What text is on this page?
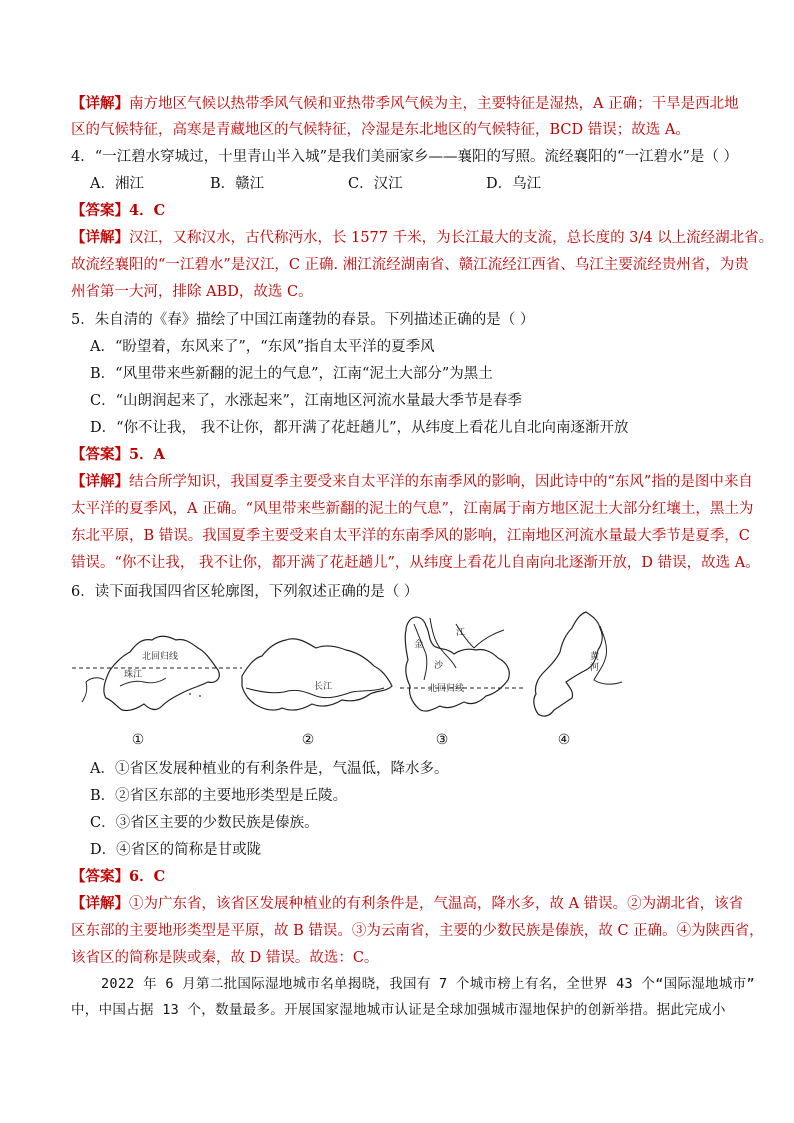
【详解】南方地区气候以热带季风气候和亚热带季风气候为主，主要特征是湿热，A 正确；干旱是西北地
区的气候特征，高寒是青藏地区的气候特征，冷湿是东北地区的气候特征，BCD 错误；故选 A。
4．“一江碧水穿城过，十里青山半入城”是我们美丽家乡——襄阳的写照。流经襄阳的“一江碧水”是（ ）
A．湘江	B．赣江	C．汉江	D．乌江
【答案】4．C
【详解】汉江，又称汉水，古代称沔水，长 1577 千米，为长江最大的支流，总长度的 3/4 以上流经湖北省。
故流经襄阳的“一江碧水”是汉江，C 正确. 湘江流经湖南省、赣江流经江西省、乌江主要流经贵州省，为贵
州省第一大河，排除 ABD，故选 C。
5．朱自清的《春》描绘了中国江南蓬勃的春景。下列描述正确的是（ ）
A．“盼望着，东风来了”，“东风”指自太平洋的夏季风
B．“风里带来些新翻的泥土的气息”，江南“泥土大部分”为黑土
C．“山朗润起来了，水涨起来”，江南地区河流水量最大季节是春季
D．“你不让我， 我不让你，都开满了花赶趟儿”，从纬度上看花儿自北向南逐渐开放
【答案】5．A
【详解】结合所学知识，我国夏季主要受来自太平洋的东南季风的影响，因此诗中的“东风”指的是图中来自
太平洋的夏季风，A 正确。“风里带来些新翻的泥土的气息”，江南属于南方地区泥土大部分红壤土，黑土为
东北平原，B 错误。我国夏季主要受来自太平洋的东南季风的影响，江南地区河流水量最大季节是夏季，C
错误。“你不让我， 我不让你，都开满了花赶趟儿”，从纬度上看花儿自南向北逐渐开放，D 错误，故选 A。
6．读下面我国四省区轮廓图，下列叙述正确的是（ ）
北回归线
珠江
长江
江
金
沙
北回归线
黄河
①	②	③	④
A．①省区发展种植业的有利条件是，气温低，降水多。
B．②省区东部的主要地形类型是丘陵。
C．③省区主要的少数民族是傣族。
D．④省区的简称是甘或陇
【答案】6．C
【详解】①为广东省，该省区发展种植业的有利条件是，气温高，降水多，故 A 错误。②为湖北省，该省
区东部的主要地形类型是平原，故 B 错误。③为云南省，主要的少数民族是傣族，故 C 正确。④为陕西省，
该省区的简称是陕或秦，故 D 错误。故选：C。
2022 年 6 月第二批国际湿地城市名单揭晓，我国有 7 个城市榜上有名，全世界 43 个“国际湿地城市”
中，中国占据 13 个，数量最多。开展国家湿地城市认证是全球加强城市湿地保护的创新举措。据此完成小
